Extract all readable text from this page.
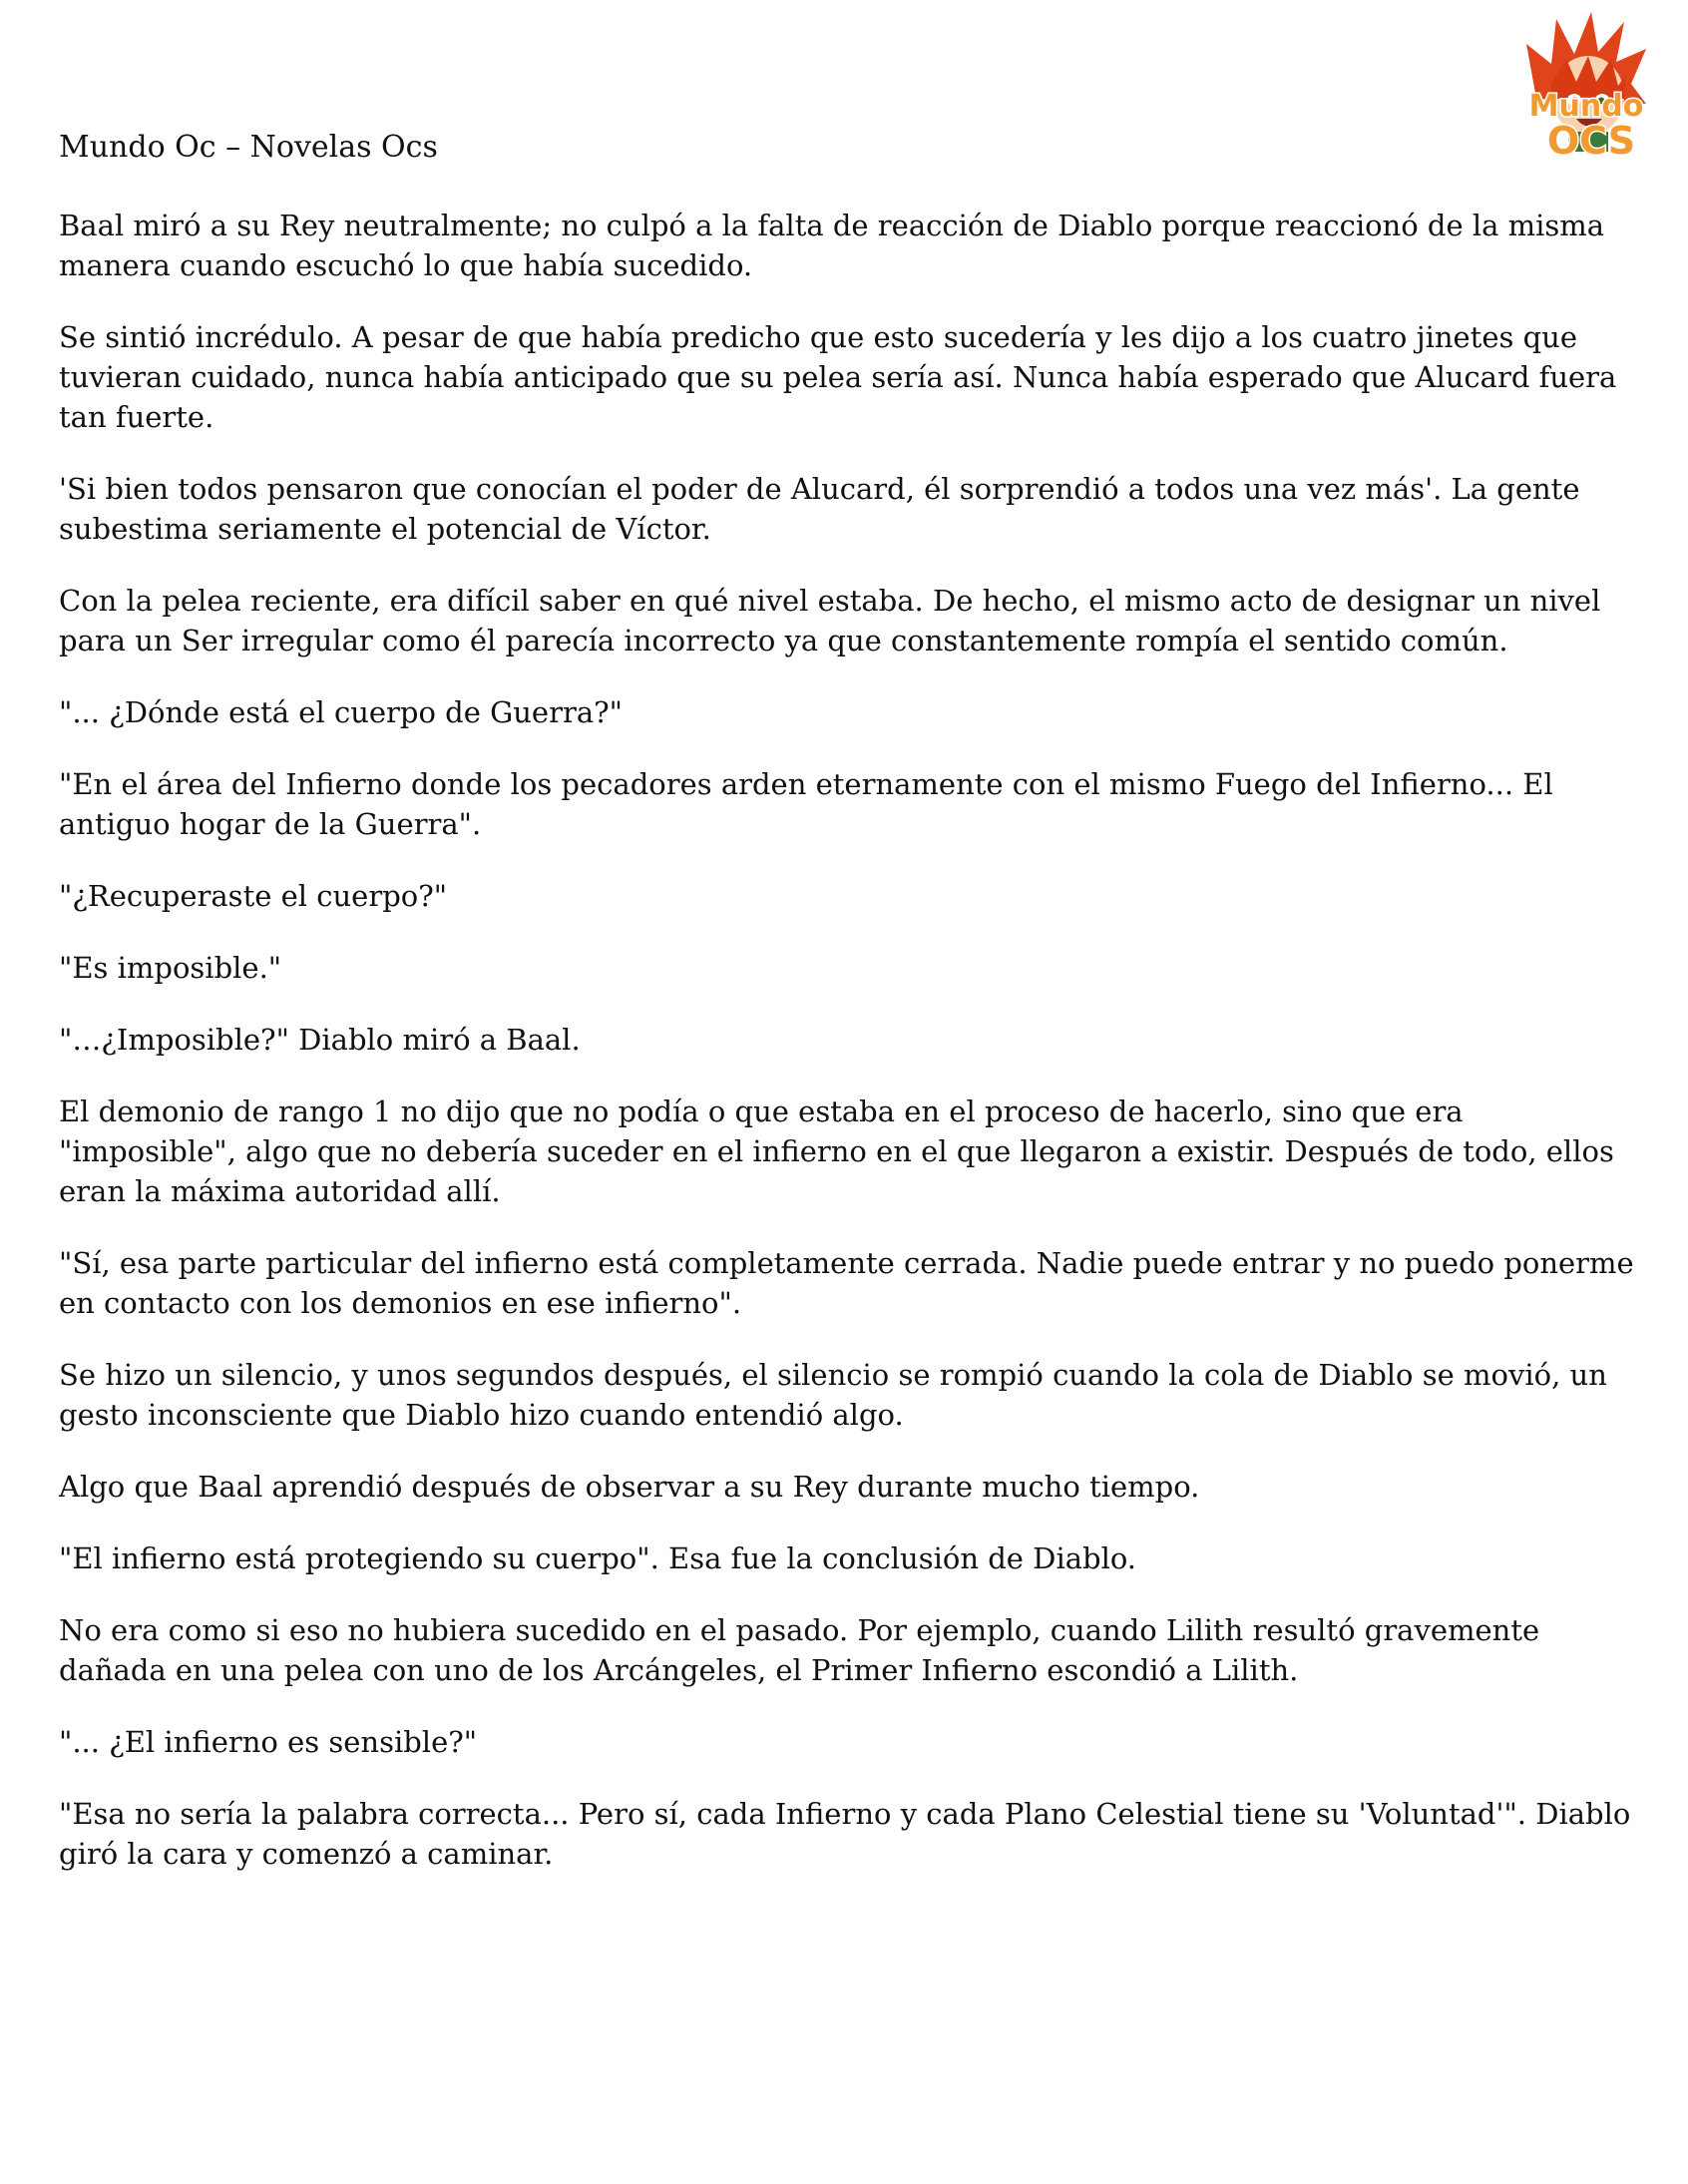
Mundo
OCS
Mundo Oc – Novelas Ocs

Baal miró a su Rey neutralmente; no culpó a la falta de reacción de Diablo porque reaccionó de la misma manera cuando escuchó lo que había sucedido.

Se sintió incrédulo. A pesar de que había predicho que esto sucedería y les dijo a los cuatro jinetes que tuvieran cuidado, nunca había anticipado que su pelea sería así. Nunca había esperado que Alucard fuera tan fuerte.

'Si bien todos pensaron que conocían el poder de Alucard, él sorprendió a todos una vez más'. La gente subestima seriamente el potencial de Víctor.

Con la pelea reciente, era difícil saber en qué nivel estaba. De hecho, el mismo acto de designar un nivel para un Ser irregular como él parecía incorrecto ya que constantemente rompía el sentido común.

"... ¿Dónde está el cuerpo de Guerra?"

"En el área del Infierno donde los pecadores arden eternamente con el mismo Fuego del Infierno... El antiguo hogar de la Guerra".

"¿Recuperaste el cuerpo?"

"Es imposible."

"…¿Imposible?" Diablo miró a Baal.

El demonio de rango 1 no dijo que no podía o que estaba en el proceso de hacerlo, sino que era "imposible", algo que no debería suceder en el infierno en el que llegaron a existir. Después de todo, ellos eran la máxima autoridad allí.

"Sí, esa parte particular del infierno está completamente cerrada. Nadie puede entrar y no puedo ponerme en contacto con los demonios en ese infierno".

Se hizo un silencio, y unos segundos después, el silencio se rompió cuando la cola de Diablo se movió, un gesto inconsciente que Diablo hizo cuando entendió algo.

Algo que Baal aprendió después de observar a su Rey durante mucho tiempo.

"El infierno está protegiendo su cuerpo". Esa fue la conclusión de Diablo.

No era como si eso no hubiera sucedido en el pasado. Por ejemplo, cuando Lilith resultó gravemente dañada en una pelea con uno de los Arcángeles, el Primer Infierno escondió a Lilith.

"... ¿El infierno es sensible?"

"Esa no sería la palabra correcta... Pero sí, cada Infierno y cada Plano Celestial tiene su 'Voluntad'". Diablo giró la cara y comenzó a caminar.
